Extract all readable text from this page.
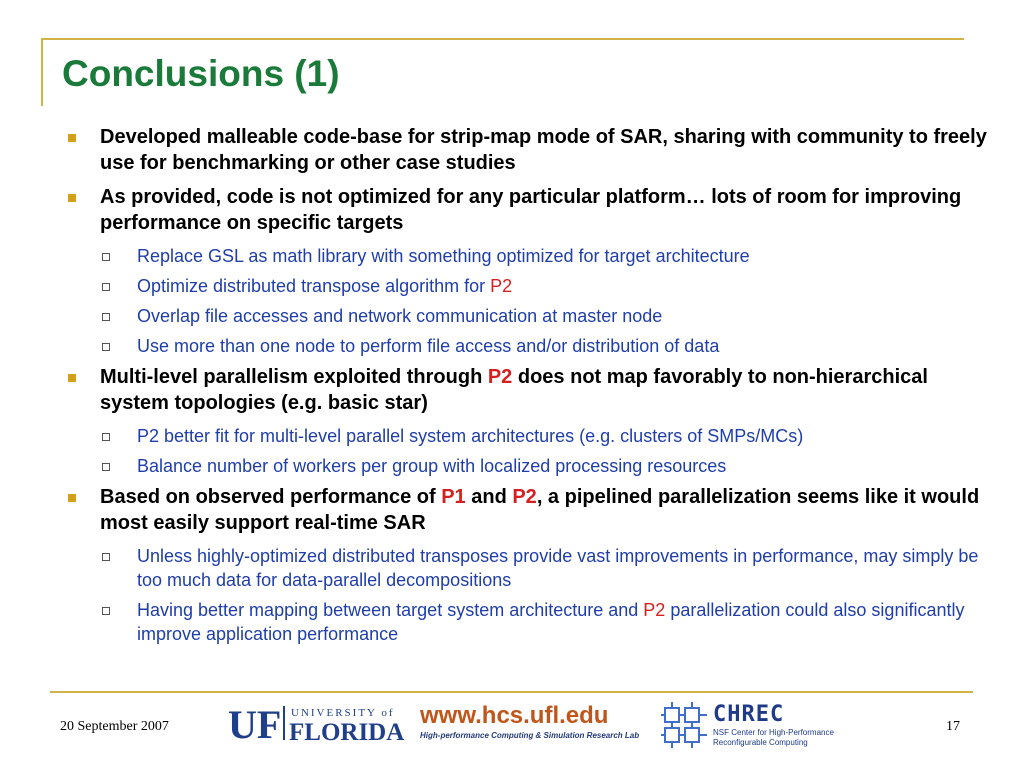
Conclusions (1)
Developed malleable code-base for strip-map mode of SAR, sharing with community to freely use for benchmarking or other case studies
As provided, code is not optimized for any particular platform… lots of room for improving performance on specific targets
Replace GSL as math library with something optimized for target architecture
Optimize distributed transpose algorithm for P2
Overlap file accesses and network communication at master node
Use more than one node to perform file access and/or distribution of data
Multi-level parallelism exploited through P2 does not map favorably to non-hierarchical system topologies (e.g. basic star)
P2 better fit for multi-level parallel system architectures (e.g. clusters of SMPs/MCs)
Balance number of workers per group with localized processing resources
Based on observed performance of P1 and P2, a pipelined parallelization seems like it would most easily support real-time SAR
Unless highly-optimized distributed transposes provide vast improvements in performance, may simply be too much data for data-parallel decompositions
Having better mapping between target system architecture and P2 parallelization could also significantly improve application performance
20 September 2007 UF UNIVERSITY of
FLORIDA
www.hcs.ufl.edu
High-performance Computing & Simulation Research Lab
CHREC
NSF Center for High-Performance
Reconfigurable Computing
17
